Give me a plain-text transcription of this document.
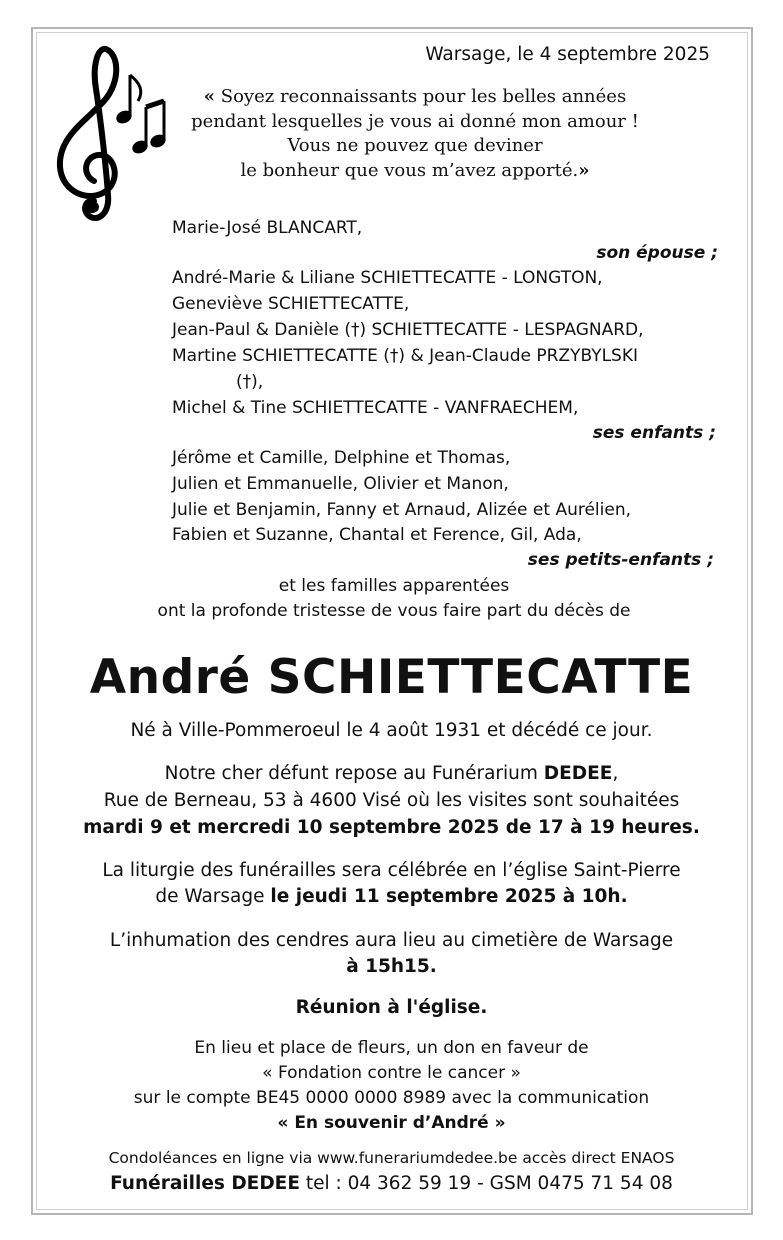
Warsage, le 4 septembre 2025
« Soyez reconnaissants pour les belles années
pendant lesquelles je vous ai donné mon amour !
Vous ne pouvez que deviner
le bonheur que vous m’avez apporté.»
Marie-José BLANCART,
son épouse ;
André-Marie & Liliane SCHIETTECATTE - LONGTON,
Geneviève SCHIETTECATTE,
Jean-Paul & Danièle (†) SCHIETTECATTE - LESPAGNARD,
Martine SCHIETTECATTE (†) & Jean-Claude PRZYBYLSKI
(†),
Michel & Tine SCHIETTECATTE - VANFRAECHEM,
ses enfants ;
Jérôme et Camille, Delphine et Thomas,
Julien et Emmanuelle, Olivier et Manon,
Julie et Benjamin, Fanny et Arnaud, Alizée et Aurélien,
Fabien et Suzanne, Chantal et Ference, Gil, Ada,
ses petits-enfants ;
et les familles apparentées
ont la profonde tristesse de vous faire part du décès de
André SCHIETTECATTE
Né à Ville-Pommeroeul le 4 août 1931 et décédé ce jour.
Notre cher défunt repose au Funérarium DEDEE,
Rue de Berneau, 53 à 4600 Visé où les visites sont souhaitées
mardi 9 et mercredi 10 septembre 2025 de 17 à 19 heures.
La liturgie des funérailles sera célébrée en l’église Saint-Pierre
de Warsage le jeudi 11 septembre 2025 à 10h.
L’inhumation des cendres aura lieu au cimetière de Warsage
à 15h15.
Réunion à l'église.
En lieu et place de fleurs, un don en faveur de
« Fondation contre le cancer »
sur le compte BE45 0000 0000 8989 avec la communication
« En souvenir d’André »
Condoléances en ligne via www.funerariumdedee.be accès direct ENAOS
Funérailles DEDEE tel : 04 362 59 19 - GSM 0475 71 54 08
